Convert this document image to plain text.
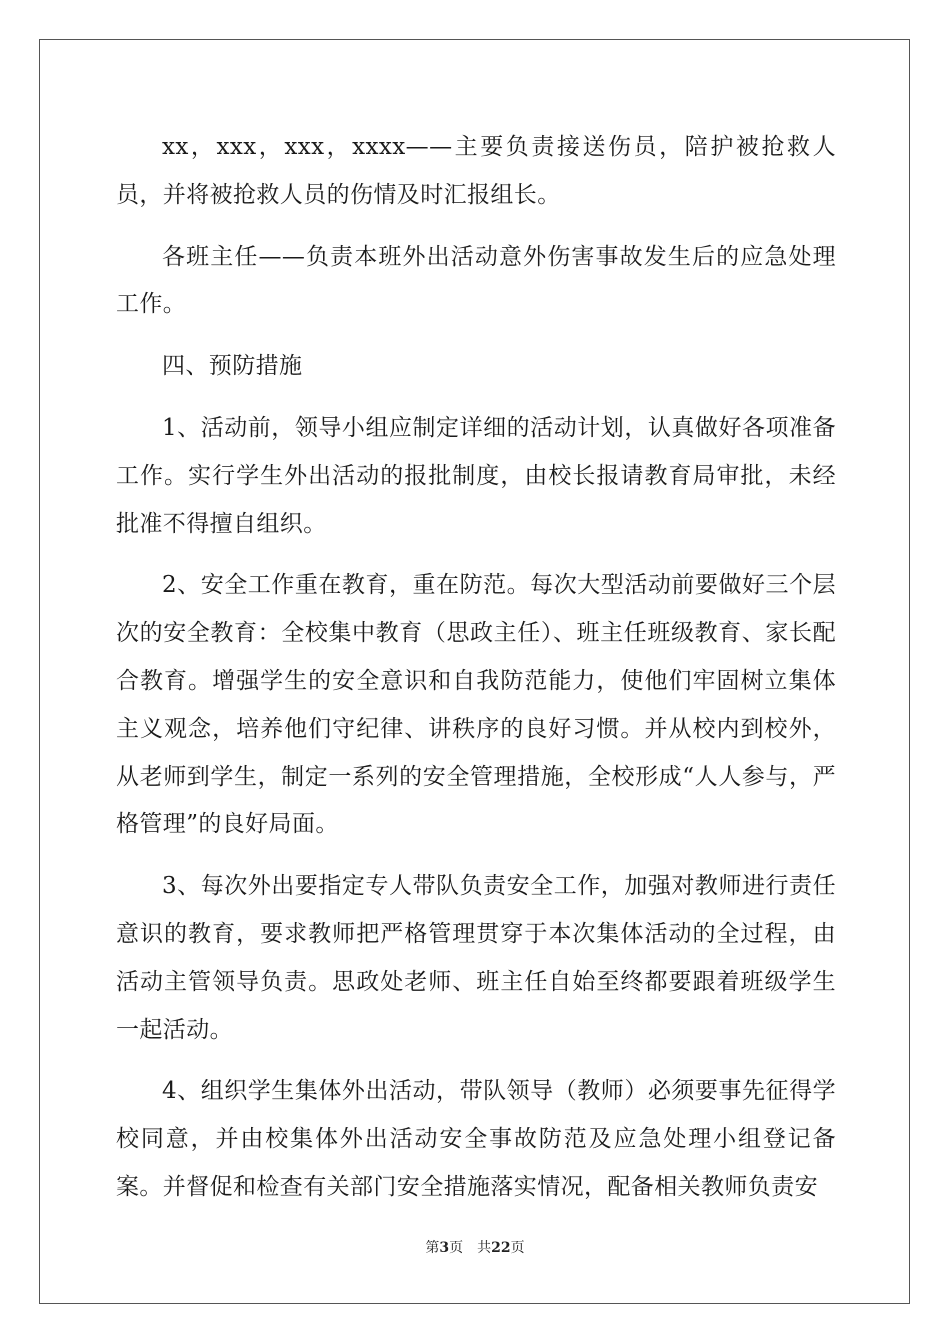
xx，xxx，xxx，xxxx——主要负责接送伤员，陪护被抢救人员，并将被抢救人员的伤情及时汇报组长。

各班主任——负责本班外出活动意外伤害事故发生后的应急处理工作。

四、预防措施

1、活动前，领导小组应制定详细的活动计划，认真做好各项准备工作。实行学生外出活动的报批制度，由校长报请教育局审批，未经批准不得擅自组织。

2、安全工作重在教育，重在防范。每次大型活动前要做好三个层次的安全教育：全校集中教育（思政主任）、班主任班级教育、家长配合教育。增强学生的安全意识和自我防范能力，使他们牢固树立集体主义观念，培养他们守纪律、讲秩序的良好习惯。并从校内到校外，从老师到学生，制定一系列的安全管理措施，全校形成“人人参与，严格管理”的良好局面。

3、每次外出要指定专人带队负责安全工作，加强对教师进行责任意识的教育，要求教师把严格管理贯穿于本次集体活动的全过程，由活动主管领导负责。思政处老师、班主任自始至终都要跟着班级学生一起活动。

4、组织学生集体外出活动，带队领导（教师）必须要事先征得学校同意，并由校集体外出活动安全事故防范及应急处理小组登记备案。并督促和检查有关部门安全措施落实情况，配备相关教师负责安

第3页 共22页
